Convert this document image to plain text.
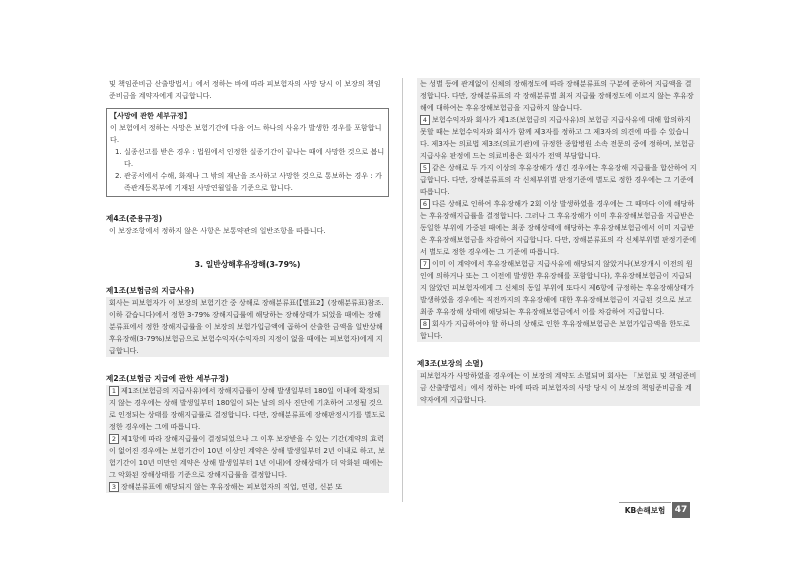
및 책임준비금 산출방법서」에서 정하는 바에 따라 피보험자의 사망 당시 이 보장의 책임준비금을 계약자에게 지급합니다.

【사망에 관한 세부규정】

이 보험에서 정하는 사망은 보험기간에 다음 어느 하나의 사유가 발생한 경우를 포함합니다.

1. 실종선고를 받은 경우 : 법원에서 인정한 실종기간이 끝나는 때에 사망한 것으로 봅니다.
2. 관공서에서 수해, 화재나 그 밖의 재난을 조사하고 사망한 것으로 통보하는 경우 : 가족관계등록부에 기재된 사망연월일을 기준으로 합니다.
제4조(준용규정)

이 보장조항에서 정하지 않은 사항은 보통약관의 일반조항을 따릅니다.

3. 일반상해후유장해(3-79%)
제1조(보험금의 지급사유)

회사는 피보험자가 이 보장의 보험기간 중 상해로 장해분류표(【별표2】(장해분류표)참조. 이하 같습니다)에서 정한 3-79% 장해지급률에 해당하는 장해상태가 되었을 때에는 장해분류표에서 정한 장해지급률을 이 보장의 보험가입금액에 곱하여 산출한 금액을 일반상해후유장해(3-79%)보험금으로 보험수익자(수익자의 지정이 없을 때에는 피보험자)에게 지급합니다.

제2조(보험금 지급에 관한 세부규정)
1 제1조(보험금의 지급사유)에서 장해지급률이 상해 발생일부터 180일 이내에 확정되지 않는 경우에는 상해 발생일부터 180일이 되는 날의 의사 진단에 기초하여 고정될 것으로 인정되는 상태를 장해지급률로 결정합니다. 다만, 장해분류표에 장해판정시기를 별도로 정한 경우에는 그에 따릅니다.
2 제1항에 따라 장해지급률이 결정되었으나 그 이후 보장받을 수 있는 기간(계약의 효력이 없어진 경우에는 보험기간이 10년 이상인 계약은 상해 발생일부터 2년 이내로 하고, 보험기간이 10년 미만인 계약은 상해 발생일부터 1년 이내)에 장해상태가 더 악화된 때에는 그 악화된 장해상태를 기준으로 장해지급률을 결정합니다.
3 장해분류표에 해당되지 않는 후유장해는 피보험자의 직업, 연령, 신분 또
는 성별 등에 관계없이 신체의 장해정도에 따라 장해분류표의 구분에 준하여 지급액을 결정합니다. 다만, 장해분류표의 각 장해분류별 최저 지급률 장해정도에 이르지 않는 후유장해에 대하여는 후유장해보험금을 지급하지 않습니다.
4 보험수익자와 회사가 제1조(보험금의 지급사유)의 보험금 지급사유에 대해 합의하지 못할 때는 보험수익자와 회사가 함께 제3자를 정하고 그 제3자의 의견에 따를 수 있습니다. 제3자는 의료법 제3조(의료기관)에 규정한 종합병원 소속 전문의 중에 정하며, 보험금 지급사유 판정에 드는 의료비용은 회사가 전액 부담합니다.
5 같은 상해로 두 가지 이상의 후유장해가 생긴 경우에는 후유장해 지급률을 합산하여 지급합니다. 다만, 장해분류표의 각 신체부위별 판정기준에 별도로 정한 경우에는 그 기준에 따릅니다.
6 다른 상해로 인하여 후유장해가 2회 이상 발생하였을 경우에는 그 때마다 이에 해당하는 후유장해지급률을 결정합니다. 그러나 그 후유장해가 이미 후유장해보험금을 지급받은 동일한 부위에 가중된 때에는 최종 장해상태에 해당하는 후유장해보험금에서 이미 지급받은 후유장해보험금을 차감하여 지급합니다. 다만, 장해분류표의 각 신체부위별 판정기준에서 별도로 정한 경우에는 그 기준에 따릅니다.
7 이미 이 계약에서 후유장해보험금 지급사유에 해당되지 않았거나(보장개시 이전의 원인에 의하거나 또는 그 이전에 발생한 후유장해를 포함합니다), 후유장해보험금이 지급되지 않았던 피보험자에게 그 신체의 동일 부위에 또다시 제6항에 규정하는 후유장해상태가 발생하였을 경우에는 직전까지의 후유장해에 대한 후유장해보험금이 지급된 것으로 보고 최종 후유장해 상태에 해당되는 후유장해보험금에서 이를 차감하여 지급합니다.
8 회사가 지급하여야 할 하나의 상해로 인한 후유장해보험금은 보험가입금액을 한도로 합니다.
제3조(보장의 소멸)

피보험자가 사망하였을 경우에는 이 보장의 계약도 소멸되며 회사는 「보험료 및 책임준비금 산출방법서」에서 정하는 바에 따라 피보험자의 사망 당시 이 보장의 책임준비금을 계약자에게 지급합니다.

KB손해보험	47
